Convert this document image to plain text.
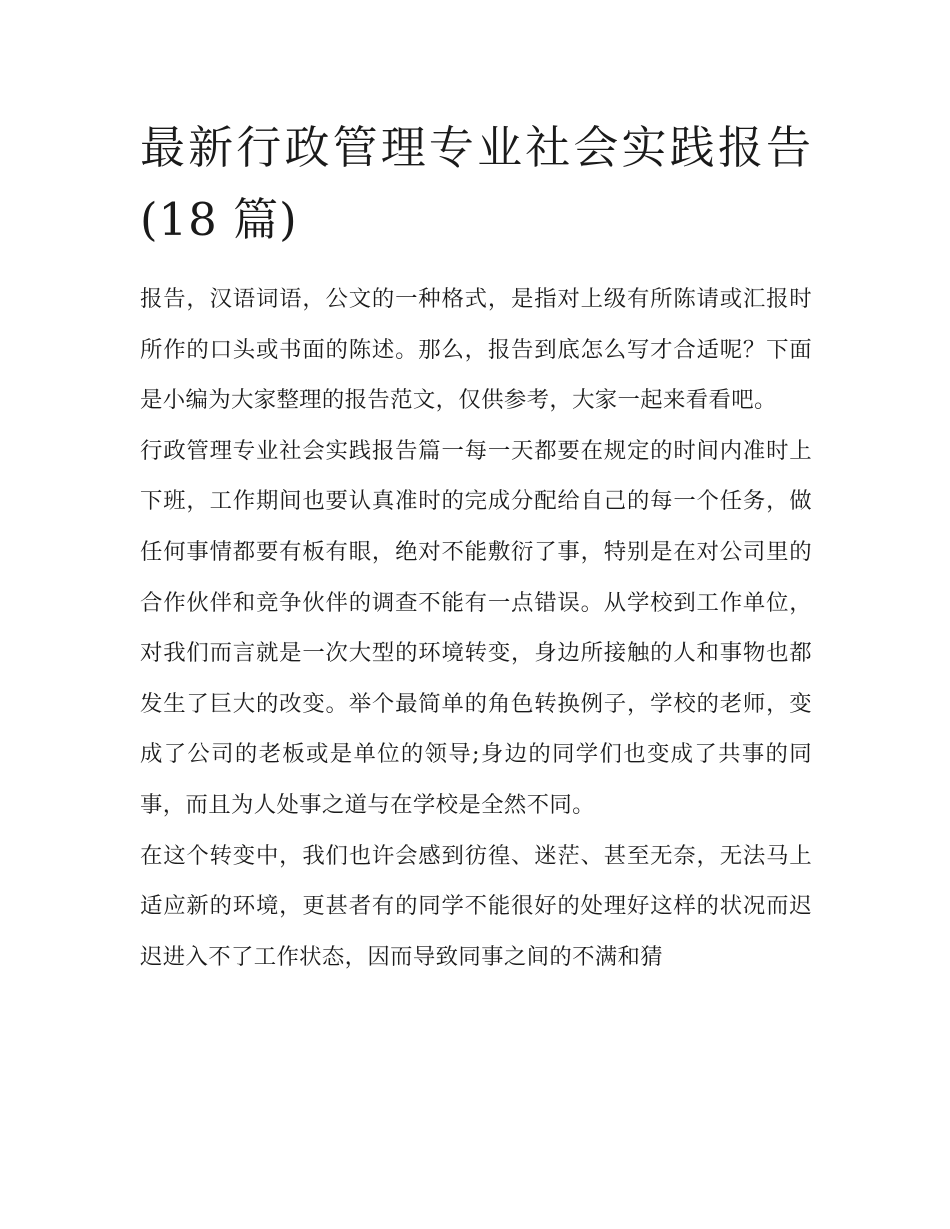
最新行政管理专业社会实践报告(18 篇)

报告，汉语词语，公文的一种格式，是指对上级有所陈请或汇报时所作的口头或书面的陈述。那么，报告到底怎么写才合适呢？下面是小编为大家整理的报告范文，仅供参考，大家一起来看看吧。

行政管理专业社会实践报告篇一每一天都要在规定的时间内准时上下班，工作期间也要认真准时的完成分配给自己的每一个任务，做任何事情都要有板有眼，绝对不能敷衍了事，特别是在对公司里的合作伙伴和竞争伙伴的调查不能有一点错误。从学校到工作单位，对我们而言就是一次大型的环境转变，身边所接触的人和事物也都发生了巨大的改变。举个最简单的角色转换例子，学校的老师，变成了公司的老板或是单位的领导;身边的同学们也变成了共事的同事，而且为人处事之道与在学校是全然不同。

在这个转变中，我们也许会感到彷徨、迷茫、甚至无奈，无法马上适应新的环境，更甚者有的同学不能很好的处理好这样的状况而迟迟进入不了工作状态，因而导致同事之间的不满和猜
